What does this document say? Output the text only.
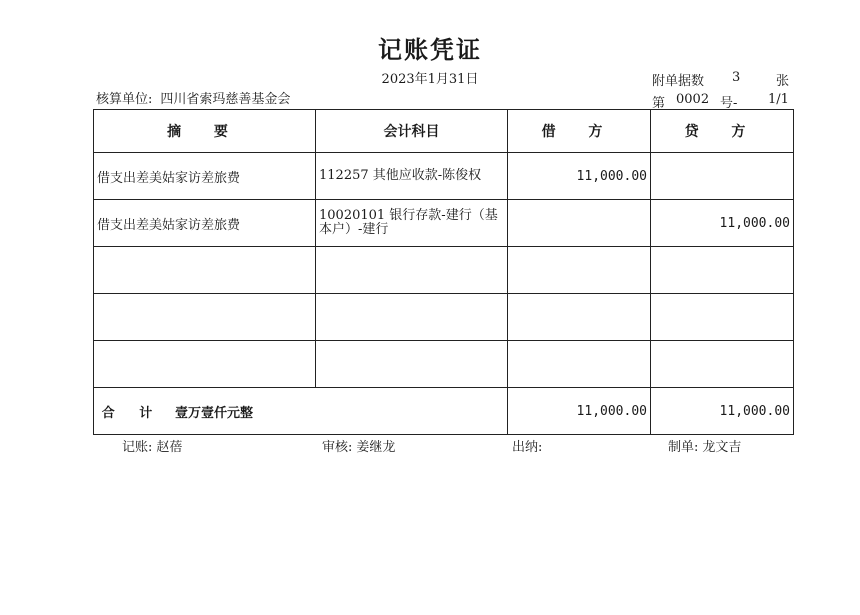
记账凭证
2023年1月31日
核算单位: 四川省索玛慈善基金会
附单据数 3	张
第 0002 号- 1/1
摘 要	会计科目	借 方	贷 方
借支出差美姑家访差旅费	112257 其他应收款-陈俊权	11,000.00	
借支出差美姑家访差旅费	10020101 银行存款-建行（基本户）-建行		11,000.00

合 计 壹万壹仟元整		11,000.00	11,000.00
记账: 赵蓓	审核: 姜继龙	出纳:	制单: 龙文吉
